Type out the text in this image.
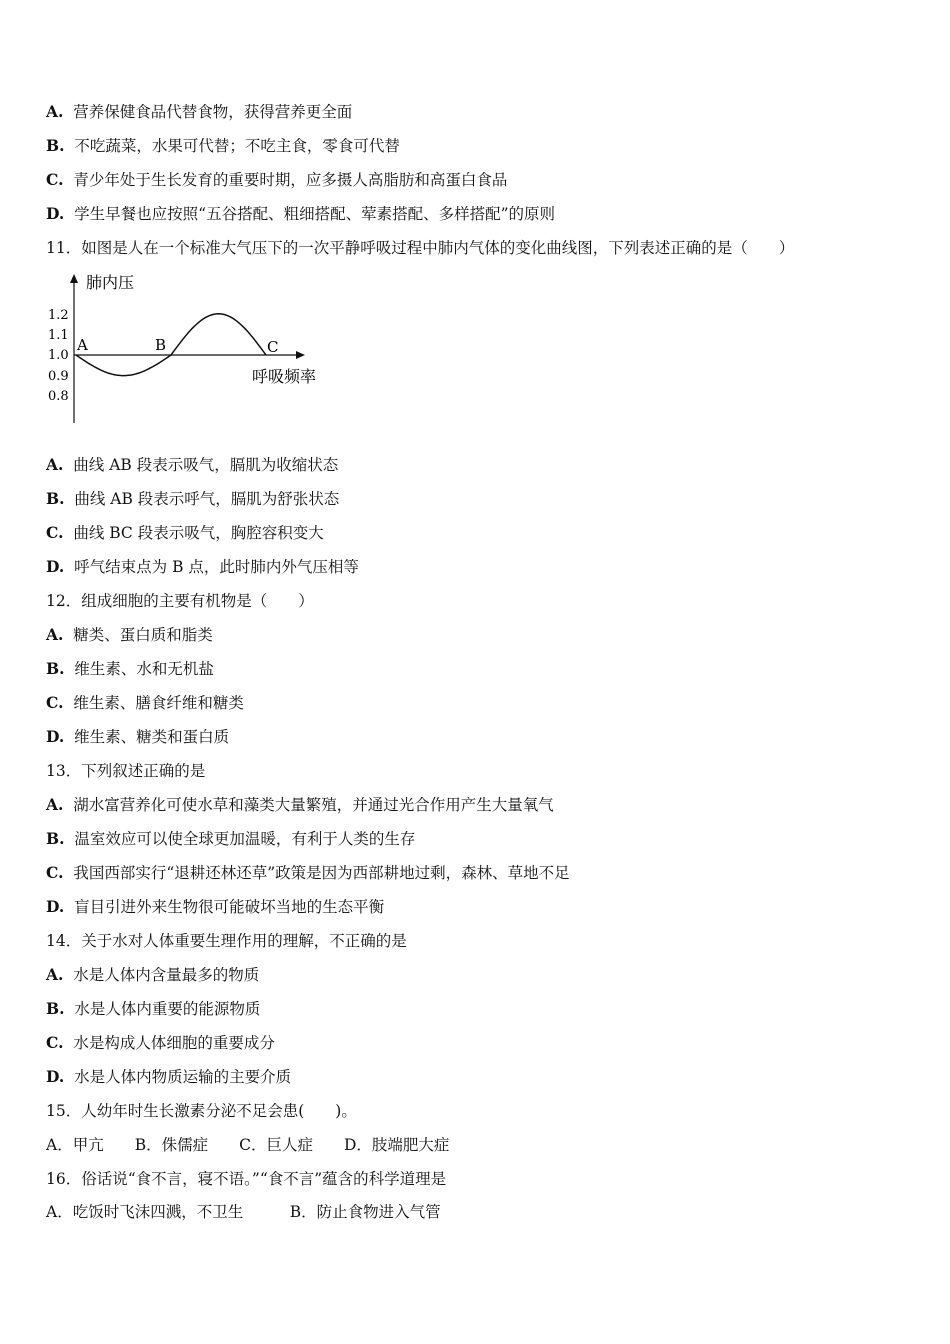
A. 营养保健食品代替食物，获得营养更全面
B. 不吃蔬菜，水果可代替；不吃主食，零食可代替
C. 青少年处于生长发育的重要时期，应多摄人高脂肪和高蛋白食品
D. 学生早餐也应按照“五谷搭配、粗细搭配、荤素搭配、多样搭配”的原则
11．如图是人在一个标准大气压下的一次平静呼吸过程中肺内气体的变化曲线图，下列表述正确的是（　　）
肺内压
呼吸频率
1.2
1.1
1.0
0.9
0.8
A	B	C
A. 曲线 AB 段表示吸气，膈肌为收缩状态
B. 曲线 AB 段表示呼气，膈肌为舒张状态
C. 曲线 BC 段表示吸气，胸腔容积变大
D. 呼气结束点为 B 点，此时肺内外气压相等
12．组成细胞的主要有机物是（　　）
A. 糖类、蛋白质和脂类
B. 维生素、水和无机盐
C. 维生素、膳食纤维和糖类
D. 维生素、糖类和蛋白质
13．下列叙述正确的是
A. 湖水富营养化可使水草和藻类大量繁殖，并通过光合作用产生大量氧气
B. 温室效应可以使全球更加温暖，有利于人类的生存
C. 我国西部实行“退耕还林还草”政策是因为西部耕地过剩，森林、草地不足
D. 盲目引进外来生物很可能破坏当地的生态平衡
14．关于水对人体重要生理作用的理解，不正确的是
A. 水是人体内含量最多的物质
B. 水是人体内重要的能源物质
C. 水是构成人体细胞的重要成分
D. 水是人体内物质运输的主要介质
15．人幼年时生长激素分泌不足会患(　　)。
A．甲亢　　B．侏儒症　　C．巨人症　　D．肢端肥大症
16．俗话说“食不言，寝不语。”“食不言”蕴含的科学道理是
A．吃饭时飞沫四溅，不卫生　　　B．防止食物进入气管
